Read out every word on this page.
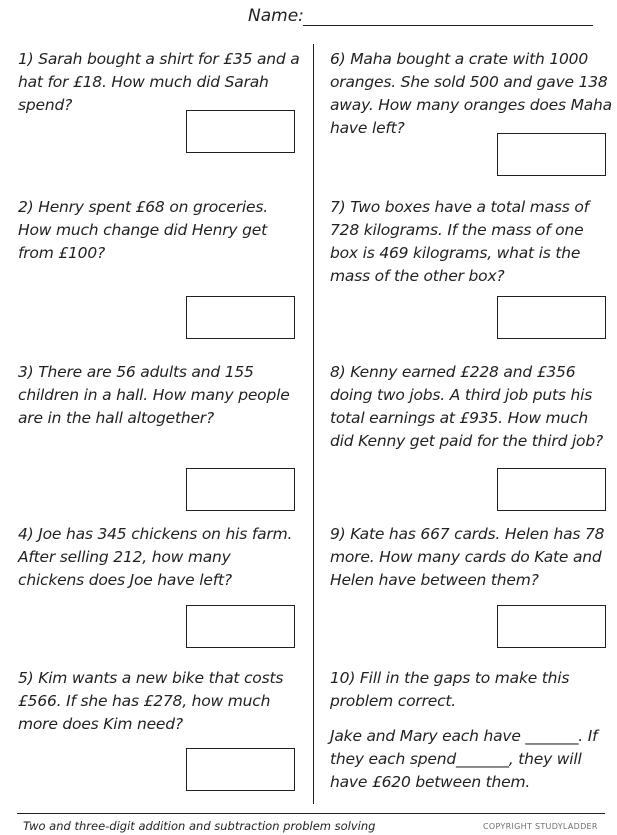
Name:

1) Sarah bought a shirt for £35 and a hat for £18. How much did Sarah spend?

2) Henry spent £68 on groceries. How much change did Henry get from £100?

3) There are 56 adults and 155 children in a hall. How many people are in the hall altogether?

4) Joe has 345 chickens on his farm. After selling 212, how many chickens does Joe have left?

5) Kim wants a new bike that costs £566. If she has £278, how much more does Kim need?

6) Maha bought a crate with 1000 oranges. She sold 500 and gave 138 away. How many oranges does Maha have left?

7) Two boxes have a total mass of 728 kilograms. If the mass of one box is 469 kilograms, what is the mass of the other box?

8) Kenny earned £228 and £356 doing two jobs. A third job puts his total earnings at £935. How much did Kenny get paid for the third job?

9) Kate has 667 cards. Helen has 78 more. How many cards do Kate and Helen have between them?

10) Fill in the gaps to make this problem correct.

Jake and Mary each have _______. If they each spend_______, they will have £620 between them.

Two and three-digit addition and subtraction problem solving	COPYRIGHT STUDYLADDER
